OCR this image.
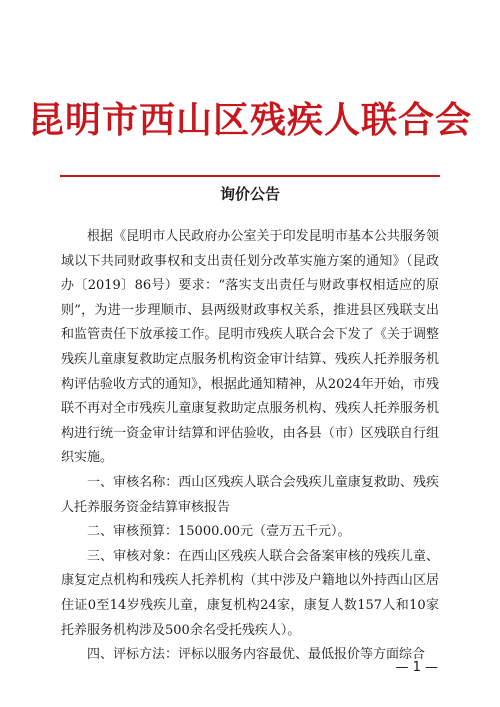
昆明市西山区残疾人联合会
询价公告

根据《昆明市人民政府办公室关于印发昆明市基本公共服务领域以下共同财政事权和支出责任划分改革实施方案的通知》（昆政办〔2019〕86号）要求：“落实支出责任与财政事权相适应的原则”，为进一步理顺市、县两级财政事权关系，推进县区残联支出和监管责任下放承接工作。昆明市残疾人联合会下发了《关于调整残疾儿童康复救助定点服务机构资金审计结算、残疾人托养服务机构评估验收方式的通知》，根据此通知精神，从2024年开始，市残联不再对全市残疾儿童康复救助定点服务机构、残疾人托养服务机构进行统一资金审计结算和评估验收，由各县（市）区残联自行组织实施。

一、审核名称：西山区残疾人联合会残疾儿童康复救助、残疾人托养服务资金结算审核报告

二、审核预算：15000.00元（壹万五千元）。

三、审核对象：在西山区残疾人联合会备案审核的残疾儿童、康复定点机构和残疾人托养机构（其中涉及户籍地以外持西山区居住证0至14岁残疾儿童，康复机构24家，康复人数157人和10家托养服务机构涉及500余名受托残疾人）。

四、评标方法：评标以服务内容最优、最低报价等方面综合

— 1 —
